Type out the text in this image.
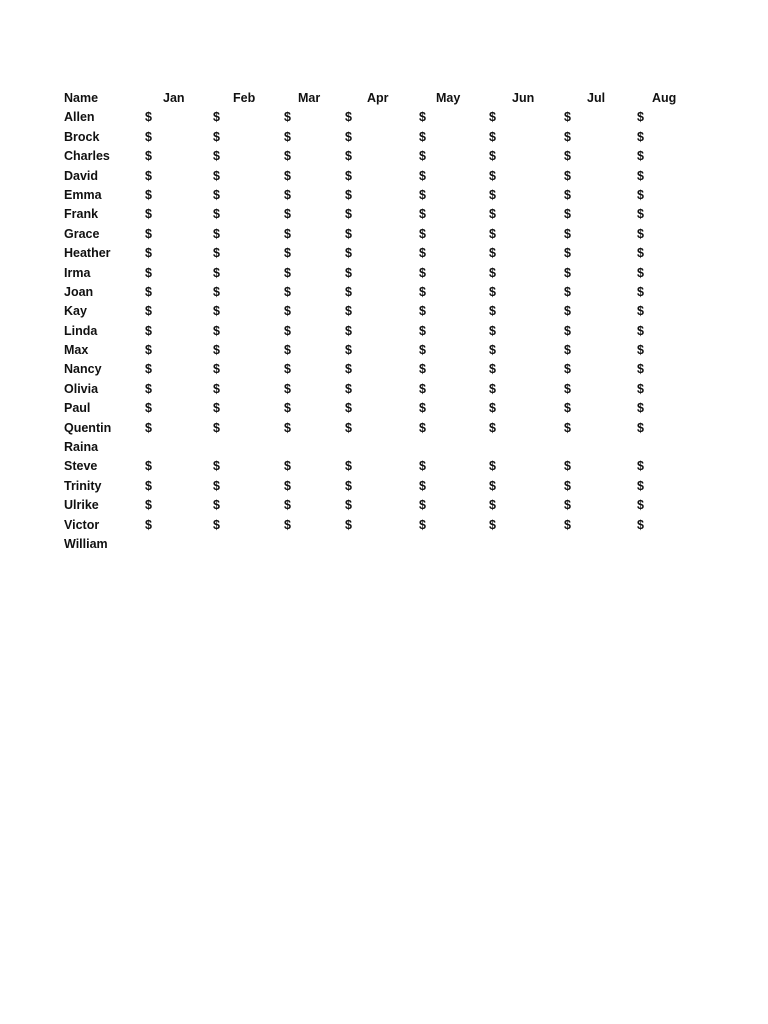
Name	Jan	Feb	Mar	Apr	May	Jun	Jul	Aug
Allen	$	$	$	$	$	$	$	$
Brock	$	$	$	$	$	$	$	$
Charles	$	$	$	$	$	$	$	$
David	$	$	$	$	$	$	$	$
Emma	$	$	$	$	$	$	$	$
Frank	$	$	$	$	$	$	$	$
Grace	$	$	$	$	$	$	$	$
Heather	$	$	$	$	$	$	$	$
Irma	$	$	$	$	$	$	$	$
Joan	$	$	$	$	$	$	$	$
Kay	$	$	$	$	$	$	$	$
Linda	$	$	$	$	$	$	$	$
Max	$	$	$	$	$	$	$	$
Nancy	$	$	$	$	$	$	$	$
Olivia	$	$	$	$	$	$	$	$
Paul	$	$	$	$	$	$	$	$
Quentin	$	$	$	$	$	$	$	$
Raina
Steve	$	$	$	$	$	$	$	$
Trinity	$	$	$	$	$	$	$	$
Ulrike	$	$	$	$	$	$	$	$
Victor	$	$	$	$	$	$	$	$
William
